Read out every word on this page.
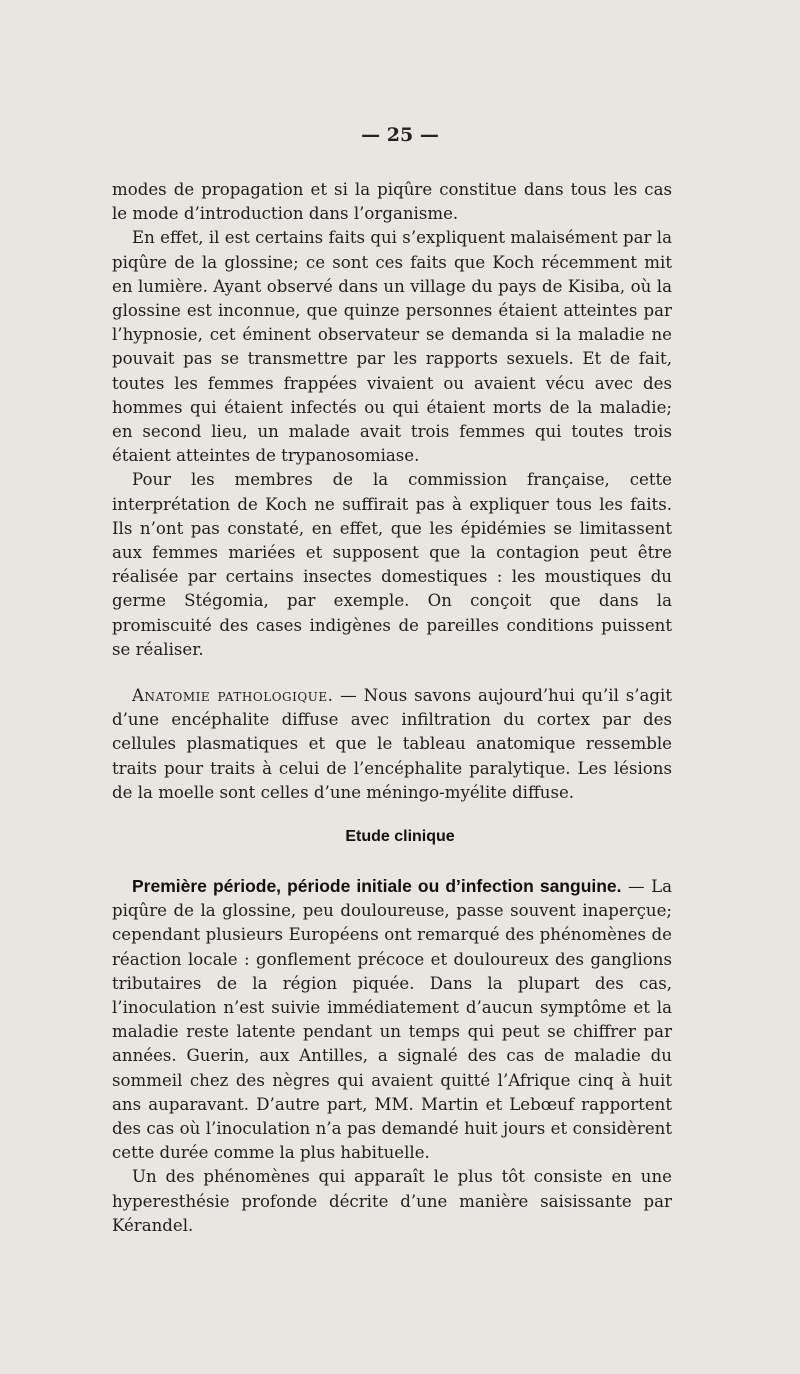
— 25 —

modes de propagation et si la piqûre constitue dans tous les cas le mode d’introduction dans l’organisme.

En effet, il est certains faits qui s’expliquent malaisément par la piqûre de la glossine; ce sont ces faits que Koch récemment mit en lumière. Ayant observé dans un village du pays de Kisiba, où la glossine est inconnue, que quinze personnes étaient atteintes par l’hypnosie, cet éminent observateur se demanda si la maladie ne pouvait pas se transmettre par les rapports sexuels. Et de fait, toutes les femmes frappées vivaient ou avaient vécu avec des hommes qui étaient infectés ou qui étaient morts de la maladie; en second lieu, un malade avait trois femmes qui toutes trois étaient atteintes de trypanosomiase.

Pour les membres de la commission française, cette interprétation de Koch ne suffirait pas à expliquer tous les faits. Ils n’ont pas constaté, en effet, que les épidémies se limitassent aux femmes mariées et supposent que la contagion peut être réalisée par certains insectes domestiques : les moustiques du germe Stégomia, par exemple. On conçoit que dans la promiscuité des cases indigènes de pareilles conditions puissent se réaliser.

Anatomie pathologique. — Nous savons aujourd’hui qu’il s’agit d’une encéphalite diffuse avec infiltration du cortex par des cellules plasmatiques et que le tableau anatomique ressemble traits pour traits à celui de l’encéphalite paralytique. Les lésions de la moelle sont celles d’une méningo-myélite diffuse.

Etude clinique

Première période, période initiale ou d’infection sanguine. — La piqûre de la glossine, peu douloureuse, passe souvent inaperçue; cependant plusieurs Européens ont remarqué des phénomènes de réaction locale : gonflement précoce et douloureux des ganglions tributaires de la région piquée. Dans la plupart des cas, l’inoculation n’est suivie immédiatement d’aucun symptôme et la maladie reste latente pendant un temps qui peut se chiffrer par années. Guerin, aux Antilles, a signalé des cas de maladie du sommeil chez des nègres qui avaient quitté l’Afrique cinq à huit ans auparavant. D’autre part, MM. Martin et Lebœuf rapportent des cas où l’inoculation n’a pas demandé huit jours et considèrent cette durée comme la plus habituelle.

Un des phénomènes qui apparaît le plus tôt consiste en une hyperesthésie profonde décrite d’une manière saisissante par Kérandel.
